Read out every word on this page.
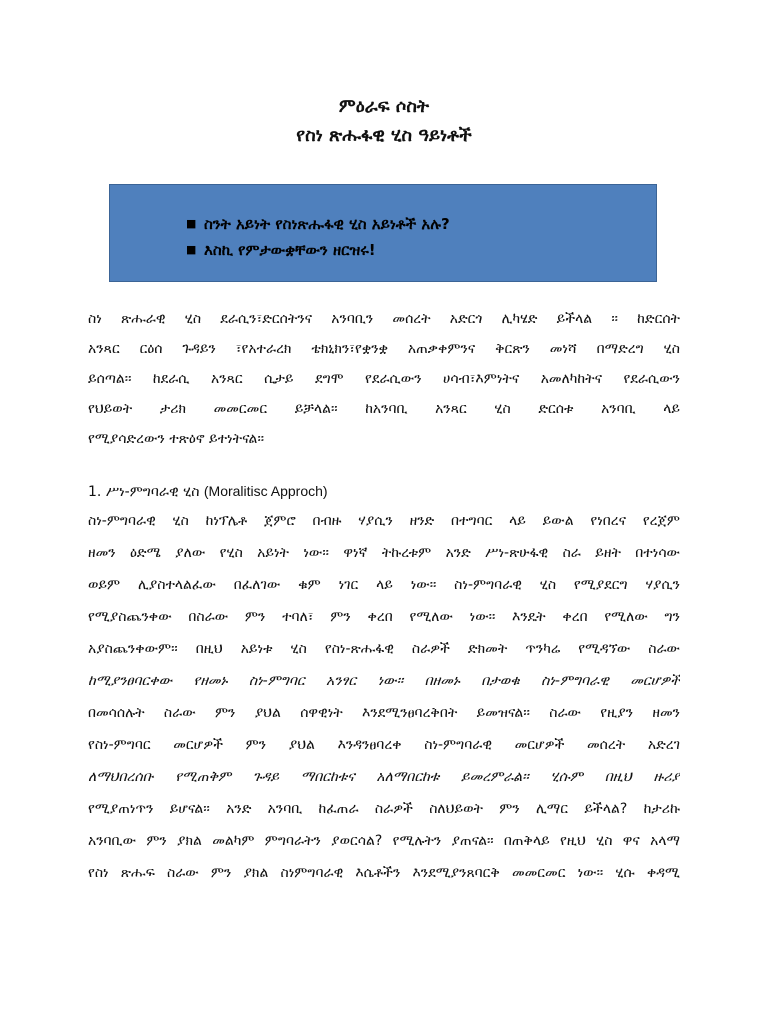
ምዕራፍ ሶስት
የስነ ጽሑፋዊ ሂስ ዓይነቶች
■ ስንት አይነት የስነጽሑፋዊ ሂስ አይነቶች አሉ?
■ እስኪ የምታውቋቸውን ዘርዝሩ!
ስነ ጽሑራዊ ሂስ ደራሲን፣ድርሰትንና አንባቢን መሰረት አድርጎ ሊካሄድ ይችላል ፡፡ ከድርሰት
አንጻር ርዕሰ ጉዳይን ፣የአተራረክ ቴክኒክን፣የቋንቋ አጠቃቀምንና ቅርጽን መነሻ በማድረግ ሂስ
ይሰጣል፡፡ ከደራሲ አንጻር ሲታይ ደግሞ የደራሲውን ሀሳብ፣እምነትና አመለካከትና የደራሲውን
የህይወት ታሪክ መመርመር ይቻላል፡፡ ከአንባቢ አንጻር ሂስ ድርሰቱ አንባቢ ላይ
የሚያሳድረውን ተጽዕኖ ይተነትናል፡፡
1. ሥነ-ምግባራዊ ሂስ (Moralitisc Approch)
ስነ-ምግባራዊ ሂስ ከነፕሌቶ ጀምሮ በብዙ ሃያሲን ዘንድ በተግባር ላይ ይውል የነበረና የረጀም
ዘመን ዕድሜ ያለው የሂስ አይነት ነው፡፡ ዋነኛ ትኩረቱም አንድ ሥነ-ጽሁፋዊ ስራ ይዘት በተነሳው
ወይም ሊያስተላልፈው በፈለገው ቁም ነገር ላይ ነው፡፡ ስነ-ምግባራዊ ሂስ የሚያደርግ ሃያሲን
የሚያስጨንቀው በስራው ምን ተባለ፣ ምን ቀረበ የሚለው ነው፡፡ እንዴት ቀረበ የሚለው ግን
አያስጨንቀውም፡፡ በዚህ አይነቱ ሂስ የስነ-ጽሑፋዊ ስራዎች ድክመት ጥንካሬ የሚዳኘው ስራው
ከሚያንፀባርቀው የዘመኑ ስነ-ምግባር አንፃር ነው፡፡ በዘመኑ በታወቁ ስነ-ምግባራዊ መርሆዎች
በመሳሰሉት ስራው ምን ያህል ሰዋዊነት እንደሚንፀባረቅበት ይመዝናል፡፡ ስራው የዚያን ዘመን
የስነ-ምግባር መርሆዎች ምን ያህል እንዳንፀባረቀ ስነ-ምግባራዊ መርሆዎች መሰረት አድረገ
ለማህበረሰቡ የሚጠቅም ጉዳይ ማበርከቱና አለማበርከቱ ይመረምራል፡፡ ሂሱም በዚህ ዙሪያ
የሚያጠነጥን ይሆናል፡፡ አንድ አንባቢ ከፈጠራ ስራዎች ስለህይወት ምን ሊማር ይችላል? ከታሪኩ
አንባቢው ምን ያክል መልካም ምግባራትን ያወርሳል? የሚሉትን ያጠናል፡፡ በጠቅላይ የዚህ ሂስ ዋና አላማ
የስነ ጽሑፍ ስራው ምን ያክል ስነምግባራዊ እሴቶችን እንደሚያንጸባርቅ መመርመር ነው፡፡ ሂሱ ቀዳሚ
